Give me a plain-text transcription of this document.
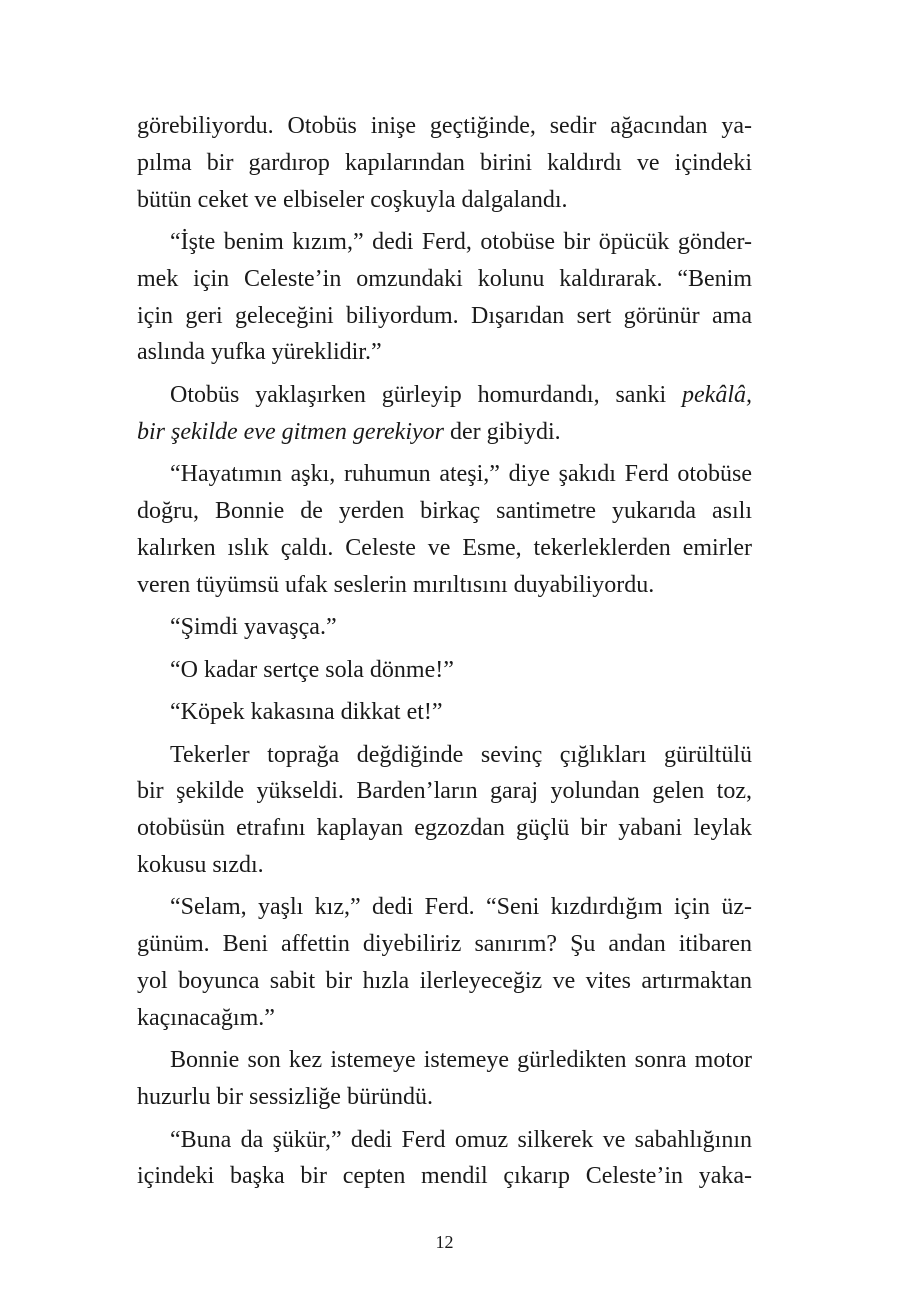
görebiliyordu. Otobüs inişe geçtiğinde, sedir ağacından ya-
pılma bir gardırop kapılarından birini kaldırdı ve içindeki
bütün ceket ve elbiseler coşkuyla dalgalandı.
“İşte benim kızım,” dedi Ferd, otobüse bir öpücük gönder-
mek için Celeste’in omzundaki kolunu kaldırarak. “Benim
için geri geleceğini biliyordum. Dışarıdan sert görünür ama
aslında yufka yüreklidir.”
Otobüs yaklaşırken gürleyip homurdandı, sanki pekâlâ,
bir şekilde eve gitmen gerekiyor der gibiydi.
“Hayatımın aşkı, ruhumun ateşi,” diye şakıdı Ferd otobüse
doğru, Bonnie de yerden birkaç santimetre yukarıda asılı
kalırken ıslık çaldı. Celeste ve Esme, tekerleklerden emirler
veren tüyümsü ufak seslerin mırıltısını duyabiliyordu.
“Şimdi yavaşça.”
“O kadar sertçe sola dönme!”
“Köpek kakasına dikkat et!”
Tekerler toprağa değdiğinde sevinç çığlıkları gürültülü
bir şekilde yükseldi. Barden’ların garaj yolundan gelen toz,
otobüsün etrafını kaplayan egzozdan güçlü bir yabani leylak
kokusu sızdı.
“Selam, yaşlı kız,” dedi Ferd. “Seni kızdırdığım için üz-
günüm. Beni affettin diyebiliriz sanırım? Şu andan itibaren
yol boyunca sabit bir hızla ilerleyeceğiz ve vites artırmaktan
kaçınacağım.”
Bonnie son kez istemeye istemeye gürledikten sonra motor
huzurlu bir sessizliğe büründü.
“Buna da şükür,” dedi Ferd omuz silkerek ve sabahlığının
içindeki başka bir cepten mendil çıkarıp Celeste’in yaka-
12
